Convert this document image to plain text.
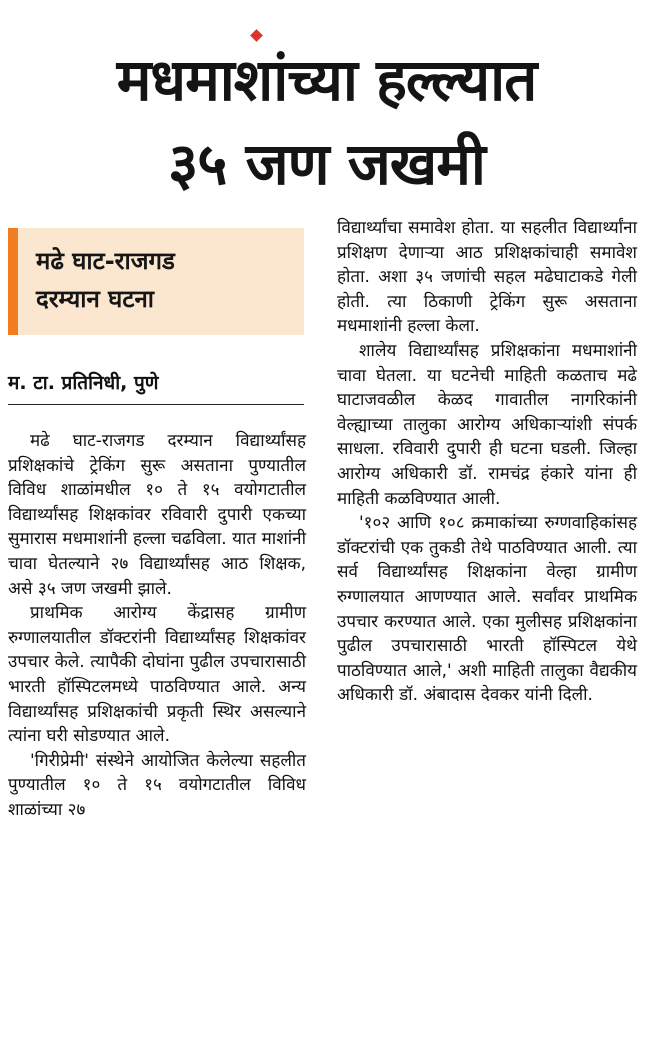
मधमाशांच्या हल्ल्यात
३५ जण जखमी
मढे घाट-राजगड
दरम्यान घटना
म. टा. प्रतिनिधी, पुणे

मढे घाट-राजगड दरम्यान विद्यार्थ्यांसह प्रशिक्षकांचे ट्रेकिंग सुरू असताना पुण्यातील विविध शाळांमधील १० ते १५ वयोगटातील विद्यार्थ्यांसह शिक्षकांवर रविवारी दुपारी एकच्या सुमारास मधमाशांनी हल्ला चढविला. यात माशांनी चावा घेतल्याने २७ विद्यार्थ्यांसह आठ शिक्षक, असे ३५ जण जखमी झाले.

प्राथमिक आरोग्य केंद्रासह ग्रामीण रुग्णालयातील डॉक्टरांनी विद्यार्थ्यांसह शिक्षकांवर उपचार केले. त्यापैकी दोघांना पुढील उपचारासाठी भारती हॉस्पिटलमध्ये पाठविण्यात आले. अन्य विद्यार्थ्यांसह प्रशिक्षकांची प्रकृती स्थिर असल्याने त्यांना घरी सोडण्यात आले.

'गिरीप्रेमी' संस्थेने आयोजित केलेल्या सहलीत पुण्यातील १० ते १५ वयोगटातील विविध शाळांच्या २७

विद्यार्थ्यांचा समावेश होता. या सहलीत विद्यार्थ्यांना प्रशिक्षण देणाऱ्या आठ प्रशिक्षकांचाही समावेश होता. अशा ३५ जणांची सहल मढेघाटाकडे गेली होती. त्या ठिकाणी ट्रेकिंग सुरू असताना मधमाशांनी हल्ला केला.

शालेय विद्यार्थ्यांसह प्रशिक्षकांना मधमाशांनी चावा घेतला. या घटनेची माहिती कळताच मढे घाटाजवळील केळद गावातील नागरिकांनी वेल्ह्याच्या तालुका आरोग्य अधिकाऱ्यांशी संपर्क साधला. रविवारी दुपारी ही घटना घडली. जिल्हा आरोग्य अधिकारी डॉ. रामचंद्र हंकारे यांना ही माहिती कळविण्यात आली.

'१०२ आणि १०८ क्रमाकांच्या रुग्णवाहिकांसह डॉक्टरांची एक तुकडी तेथे पाठविण्यात आली. त्या सर्व विद्यार्थ्यांसह शिक्षकांना वेल्हा ग्रामीण रुग्णालयात आणण्यात आले. सर्वांवर प्राथमिक उपचार करण्यात आले. एका मुलीसह प्रशिक्षकांना पुढील उपचारासाठी भारती हॉस्पिटल येथे पाठविण्यात आले,' अशी माहिती तालुका वैद्यकीय अधिकारी डॉ. अंबादास देवकर यांनी दिली.
